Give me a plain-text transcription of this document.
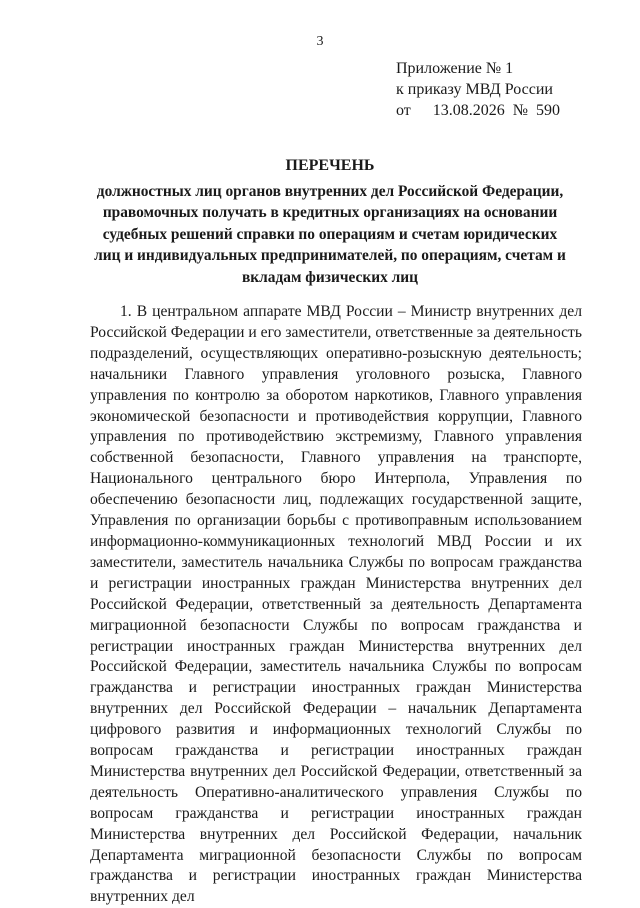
3
Приложение № 1
к приказу МВД России
от 13.08.2026 № 590
ПЕРЕЧЕНЬ
должностных лиц органов внутренних дел Российской Федерации, правомочных получать в кредитных организациях на основании судебных решений справки по операциям и счетам юридических лиц и индивидуальных предпринимателей, по операциям, счетам и вкладам физических лиц
1. В центральном аппарате МВД России – Министр внутренних дел Российской Федерации и его заместители, ответственные за деятельность подразделений, осуществляющих оперативно-розыскную деятельность; начальники Главного управления уголовного розыска, Главного управления по контролю за оборотом наркотиков, Главного управления экономической безопасности и противодействия коррупции, Главного управления по противодействию экстремизму, Главного управления собственной безопасности, Главного управления на транспорте, Национального центрального бюро Интерпола, Управления по обеспечению безопасности лиц, подлежащих государственной защите, Управления по организации борьбы с противоправным использованием информационно-коммуникационных технологий МВД России и их заместители, заместитель начальника Службы по вопросам гражданства и регистрации иностранных граждан Министерства внутренних дел Российской Федерации, ответственный за деятельность Департамента миграционной безопасности Службы по вопросам гражданства и регистрации иностранных граждан Министерства внутренних дел Российской Федерации, заместитель начальника Службы по вопросам гражданства и регистрации иностранных граждан Министерства внутренних дел Российской Федерации – начальник Департамента цифрового развития и информационных технологий Службы по вопросам гражданства и регистрации иностранных граждан Министерства внутренних дел Российской Федерации, ответственный за деятельность Оперативно-аналитического управления Службы по вопросам гражданства и регистрации иностранных граждан Министерства внутренних дел Российской Федерации, начальник Департамента миграционной безопасности Службы по вопросам гражданства и регистрации иностранных граждан Министерства внутренних дел
